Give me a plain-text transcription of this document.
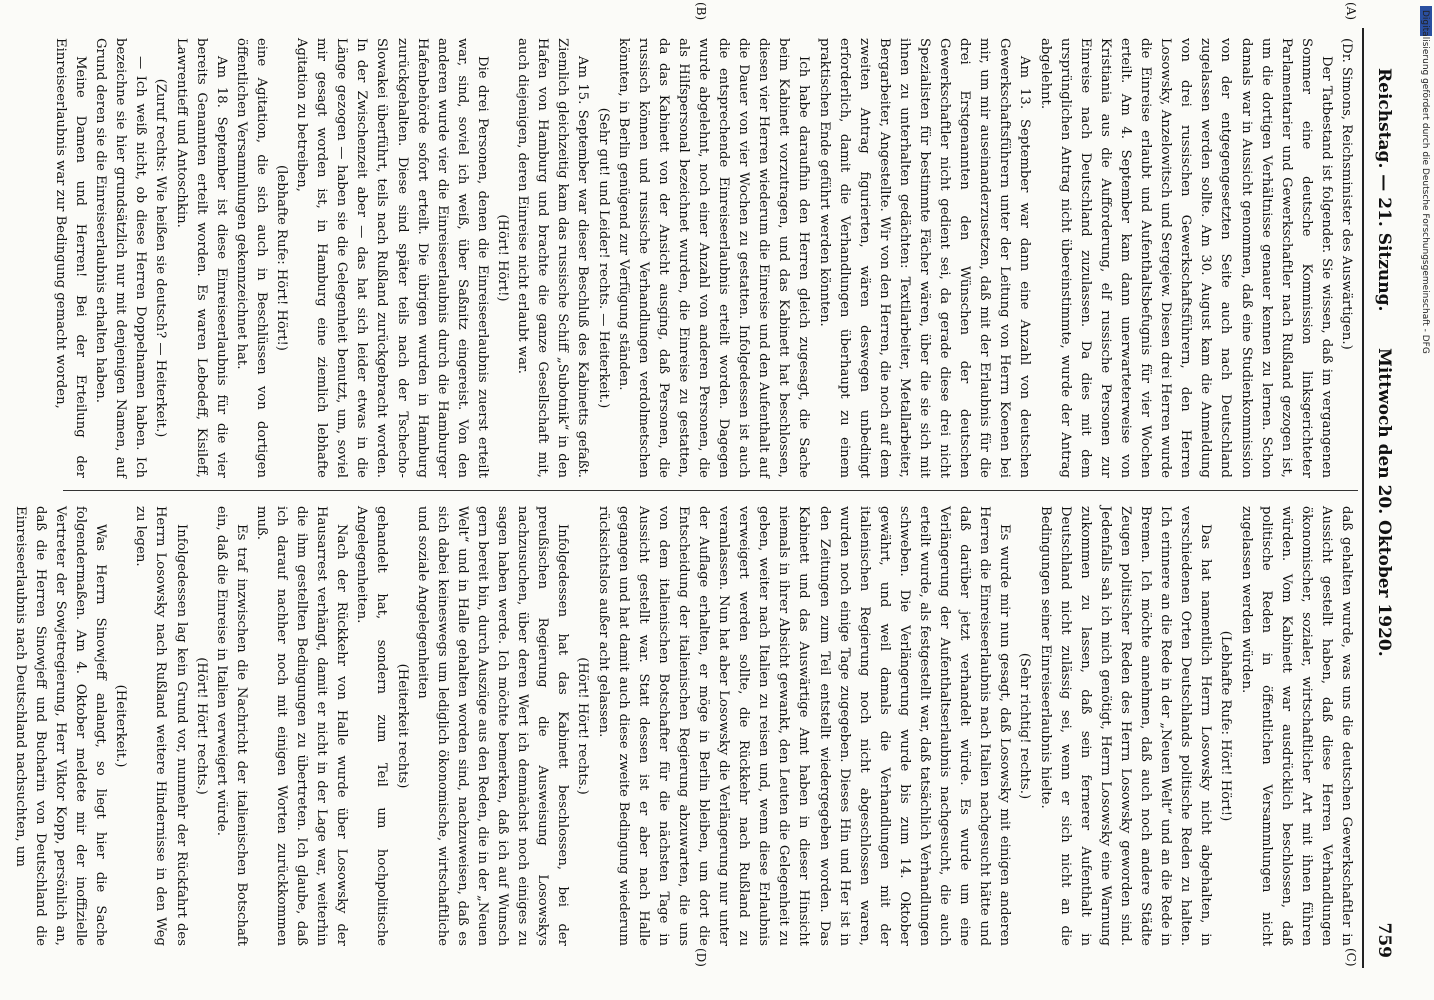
Reichstag. — 21. Sitzung.
Mittwoch den 20. Oktober 1920.
759
(A)
(B)
(C)
(D)

(Dr. Simons, Reichsminister des Auswärtigen.)

Der Tatbestand ist folgender. Sie wissen, daß im vergangenen Sommer eine deutsche Kommission linksgerichteter Parlamentarier und Gewerkschaftler nach Rußland gezogen ist, um die dortigen Verhältnisse genauer kennen zu lernen. Schon damals war in Aussicht genommen, daß eine Studienkommission von der entgegengesetzten Seite auch nach Deutschland zugelassen werden sollte. Am 30. August kam die Anmeldung von drei russischen Gewerkschaftsführern, den Herren Losowsky, Anzelowitsch und Sergejew. Diesen drei Herren wurde die Einreise erlaubt und Aufenthaltsbefugnis für vier Wochen erteilt. Am 4. September kam dann unerwarteterweise von Kristiania aus die Aufforderung, elf russische Personen zur Einreise nach Deutschland zuzulassen. Da dies mit dem ursprünglichen Antrag nicht übereinstimmte, wurde der Antrag abgelehnt.

Am 13. September war dann eine Anzahl von deutschen Gewerkschaftsführern unter der Leitung von Herrn Koenen bei mir, um mir auseinanderzusetzen, daß mit der Erlaubnis für die drei Erstgenannten den Wünschen der deutschen Gewerkschaftler nicht gedient sei, da gerade diese drei nicht Spezialisten für bestimmte Fächer wären, über die sie sich mit ihnen zu unterhalten gedächten: Textilarbeiter, Metallarbeiter, Bergarbeiter, Angestellte. Wir von den Herren, die noch auf dem zweiten Antrag figurierten, wären deswegen unbedingt erforderlich, damit die Verhandlungen überhaupt zu einem praktischen Ende geführt werden könnten.

Ich habe daraufhin den Herren gleich zugesagt, die Sache beim Kabinett vorzutragen, und das Kabinett hat beschlossen, diesen vier Herren wiederum die Einreise und den Aufenthalt auf die Dauer von vier Wochen zu gestatten. Infolgedessen ist auch die entsprechende Einreiseerlaubnis erteilt worden. Dagegen wurde abgelehnt, noch einer Anzahl von anderen Personen, die als Hilfspersonal bezeichnet wurden, die Einreise zu gestatten, da das Kabinett von der Ansicht ausging, daß Personen, die russisch können und russische Verhandlungen verdolmetschen könnten, in Berlin genügend zur Verfügung ständen.

(Sehr gut! und Leider! rechts. — Heiterkeit.)

Am 15. September war dieser Beschluß des Kabinetts gefaßt. Ziemlich gleichzeitig kam das russische Schiff „Subotnik“ in den Hafen von Hamburg und brachte die ganze Gesellschaft mit, auch diejenigen, deren Einreise nicht erlaubt war.

(Hört! Hört!)

Die drei Personen, denen die Einreiseerlaubnis zuerst erteilt war, sind, soviel ich weiß, über Saßnitz eingereist. Von den anderen wurde vier die Einreiseerlaubnis durch die Hamburger Hafenbehörde sofort erteilt. Die übrigen wurden in Hamburg zurückgehalten. Diese sind später teils nach der Tschecho-Slowakei überführt, teils nach Rußland zurückgebracht worden. In der Zwischenzeit aber — das hat sich leider etwas in die Länge gezogen — haben sie die Gelegenheit benutzt, um, soviel mir gesagt worden ist, in Hamburg eine ziemlich lebhafte Agitation zu betreiben,

(lebhafte Rufe: Hört! Hört!)

eine Agitation, die sich auch in Beschlüssen von dortigen öffentlichen Versammlungen gekennzeichnet hat.

Am 18. September ist diese Einreiseerlaubnis für die vier bereits Genannten erteilt worden. Es waren Lebedeff, Kisileff, Lawrentieff und Antoschkin.

(Zuruf rechts: Wie heißen sie deutsch? — Heiterkeit.)

— Ich weiß nicht, ob diese Herren Doppelnamen haben. Ich bezeichne sie hier grundsätzlich nur mit denjenigen Namen, auf Grund deren sie die Einreiseerlaubnis erhalten haben.

Meine Damen und Herren! Bei der Erteilung der Einreiseerlaubnis war zur Bedingung gemacht worden,

daß gehalten wurde, was uns die deutschen Gewerkschaftler in Aussicht gestellt haben, daß diese Herren Verhandlungen ökonomischer, sozialer, wirtschaftlicher Art mit ihnen führen würden. Vom Kabinett war ausdrücklich beschlossen, daß politische Reden in öffentlichen Versammlungen nicht zugelassen werden würden.

(Lebhafte Rufe: Hört! Hört!)

Das hat namentlich Herrn Losowsky nicht abgehalten, in verschiedenen Orten Deutschlands politische Reden zu halten. Ich erinnere an die Rede in der „Neuen Welt“ und an die Rede in Bremen. Ich möchte annehmen, daß auch noch andere Städte Zeugen politischer Reden des Herrn Losowsky geworden sind. Jedenfalls sah ich mich genötigt, Herrn Losowsky eine Warnung zukommen zu lassen, daß sein fernerer Aufenthalt in Deutschland nicht zulässig sei, wenn er sich nicht an die Bedingungen seiner Einreiseerlaubnis hielte.

(Sehr richtig! rechts.)

Es wurde mir nun gesagt, daß Losowsky mit einigen anderen Herren die Einreiseerlaubnis nach Italien nachgesucht hätte und daß darüber jetzt verhandelt würde. Es wurde um eine Verlängerung der Aufenthaltserlaubnis nachgesucht, die auch erteilt wurde, als festgestellt war, daß tatsächlich Verhandlungen schweben. Die Verlängerung wurde bis zum 14. Oktober gewährt, und weil damals die Verhandlungen mit der italienischen Regierung noch nicht abgeschlossen waren, wurden noch einige Tage zugegeben. Dieses Hin und Her ist in den Zeitungen zum Teil entstellt wiedergegeben worden. Das Kabinett und das Auswärtige Amt haben in dieser Hinsicht niemals in ihrer Absicht gewankt, den Leuten die Gelegenheit zu geben, weiter nach Italien zu reisen und, wenn diese Erlaubnis verweigert werden sollte, die Rückkehr nach Rußland zu veranlassen. Nun hat aber Losowsky die Verlängerung nur unter der Auflage erhalten, er möge in Berlin bleiben, um dort die Entscheidung der italienischen Regierung abzuwarten, die uns von dem italienischen Botschafter für die nächsten Tage in Aussicht gestellt war. Statt dessen ist er aber nach Halle gegangen und hat damit auch diese zweite Bedingung wiederum rücksichtslos außer acht gelassen.

(Hört! Hört! rechts.)

Infolgedessen hat das Kabinett beschlossen, bei der preußischen Regierung die Ausweisung Losowskys nachzusuchen, über deren Wert ich demnächst noch einiges zu sagen haben werde. Ich möchte bemerken, daß ich auf Wunsch gern bereit bin, durch Auszüge aus den Reden, die in der „Neuen Welt“ und in Halle gehalten worden sind, nachzuweisen, daß es sich dabei keineswegs um lediglich ökonomische, wirtschaftliche und soziale Angelegenheiten

(Heiterkeit rechts)

gehandelt hat, sondern zum Teil um hochpolitische Angelegenheiten.

Nach der Rückkehr von Halle wurde über Losowsky der Hausarrest verhängt, damit er nicht in der Lage war, weiterhin die ihm gestellten Bedingungen zu übertreten. Ich glaube, daß ich darauf nachher noch mit einigen Worten zurückkommen muß.

Es traf inzwischen die Nachricht der italienischen Botschaft ein, daß die Einreise in Italien verweigert würde.

(Hört! Hört! rechts.)

Infolgedessen lag kein Grund vor, nunmehr der Rückfahrt des Herrn Losowsky nach Rußland weitere Hindernisse in den Weg zu legen.

(Heiterkeit.)

Was Herrn Sinowjeff anlangt, so liegt hier die Sache folgendermaßen. Am 4. Oktober meldete mir der inoffizielle Vertreter der Sowjetregierung, Herr Viktor Kopp, persönlich an, daß die Herren Sinowjeff und Bucharin von Deutschland die Einreiseerlaubnis nach Deutschland nachsuchten, um

Digitalisierung gefördert durch die Deutsche Forschungsgemeinschaft - DFG
